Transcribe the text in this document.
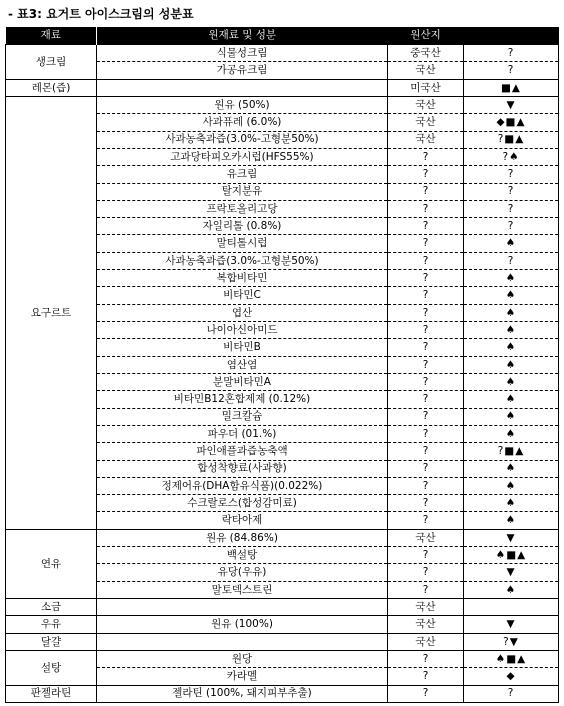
- 표3: 요거트 아이스크림의 성분표
재료	원재료 및 성분	원산지	
생크림	식물성크림	중국산	?
	가공유크림	국산	?
레몬(즙)		미국산	■▲
요구르트	원유 (50%)	국산	▼
	사과퓨레 (6.0%)	국산	◆■▲
	사과농축과즙(3.0%-고형분50%)	국산	?■▲
	고과당타피오카시럽(HFS55%)	?	?♠
	유크림	?	?
	탈지분유	?	?
	프락토올리고당	?	?
	자일리톨 (0.8%)	?	?
	말티톨시럽	?	♠
	사과농축과즙(3.0%-고형분50%)	?	?
	복합비타민	?	♠
	비타민C	?	♠
	엽산	?	♠
	나이아신아미드	?	♠
	비타민B	?	♠
	염산염	?	♠
	분말비타민A	?	♠
	비타민B12혼합제제 (0.12%)	?	♠
	밀크칼슘	?	♠
	파우더 (01.%)	?	♠
	파인애플과즙농축액	?	?■▲
	합성착향료(사과향)	?	♠
	정제어유(DHA함유식품)(0.022%)	?	♠
	수크랄로스(합성감미료)	?	♠
	락타아제	?	♠
연유	원유 (84.86%)	국산	▼
	백설탕	?	♠■▲
	유당(우유)	?	▼
	말토덱스트린	?	♠
소금		국산	
우유	원유 (100%)	국산	▼
달걀		국산	?▼
설탕	원당	?	♠■▲
	카라멜	?	◆
판젤라틴	젤라틴 (100%, 돼지피부추출)	?	?
